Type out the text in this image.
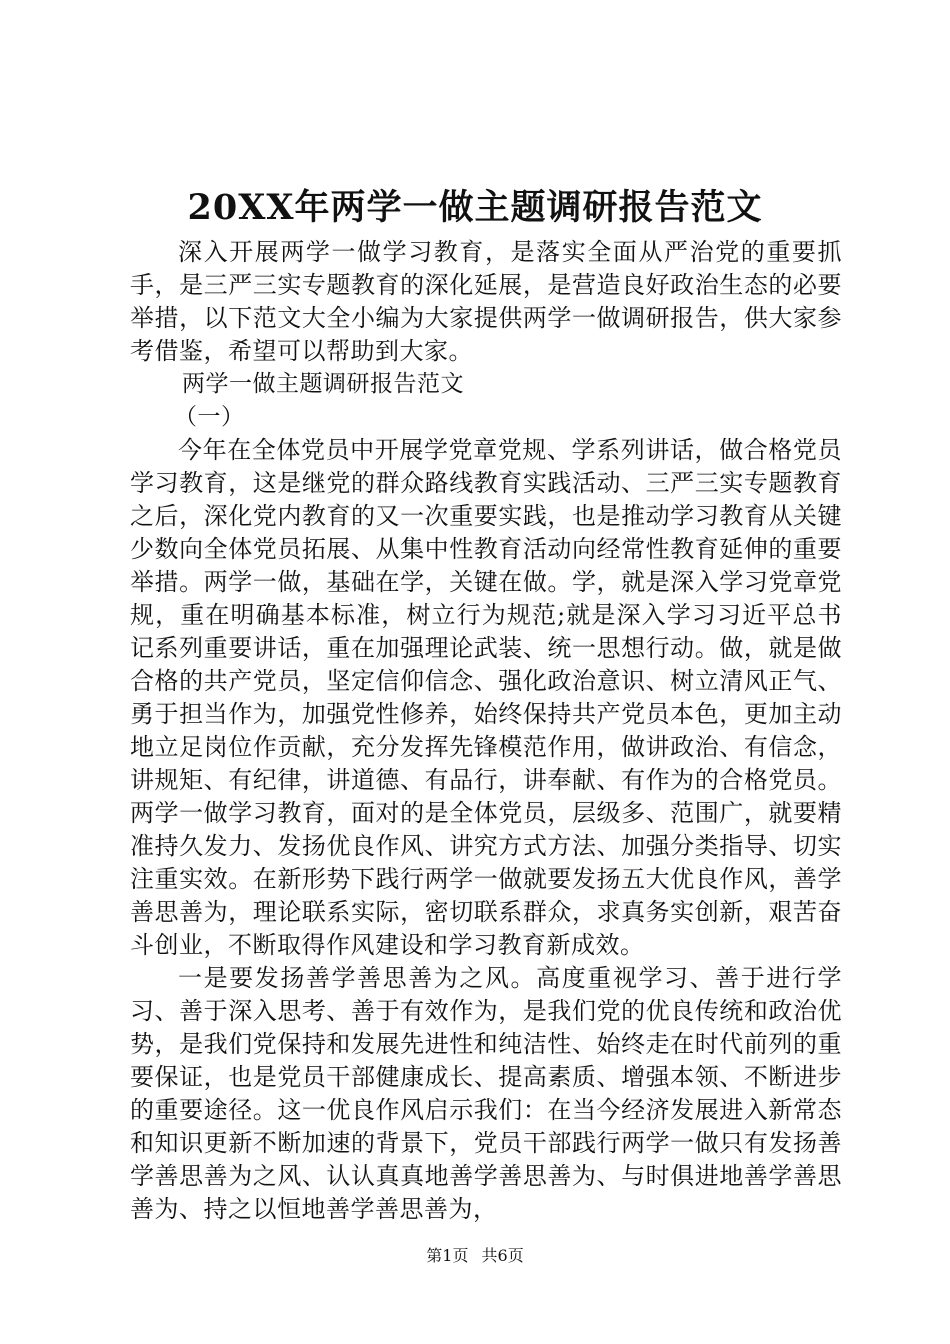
20XX年两学一做主题调研报告范文

深入开展两学一做学习教育，是落实全面从严治党的重要抓手，是三严三实专题教育的深化延展，是营造良好政治生态的必要举措，以下范文大全小编为大家提供两学一做调研报告，供大家参考借鉴，希望可以帮助到大家。

两学一做主题调研报告范文

（一）

今年在全体党员中开展学党章党规、学系列讲话，做合格党员学习教育，这是继党的群众路线教育实践活动、三严三实专题教育之后，深化党内教育的又一次重要实践，也是推动学习教育从关键少数向全体党员拓展、从集中性教育活动向经常性教育延伸的重要举措。两学一做，基础在学，关键在做。学，就是深入学习党章党规，重在明确基本标准，树立行为规范;就是深入学习习近平总书记系列重要讲话，重在加强理论武装、统一思想行动。做，就是做合格的共产党员，坚定信仰信念、强化政治意识、树立清风正气、勇于担当作为，加强党性修养，始终保持共产党员本色，更加主动地立足岗位作贡献，充分发挥先锋模范作用，做讲政治、有信念，讲规矩、有纪律，讲道德、有品行，讲奉献、有作为的合格党员。两学一做学习教育，面对的是全体党员，层级多、范围广，就要精准持久发力、发扬优良作风、讲究方式方法、加强分类指导、切实注重实效。在新形势下践行两学一做就要发扬五大优良作风，善学善思善为，理论联系实际，密切联系群众，求真务实创新，艰苦奋斗创业，不断取得作风建设和学习教育新成效。

一是要发扬善学善思善为之风。高度重视学习、善于进行学习、善于深入思考、善于有效作为，是我们党的优良传统和政治优势，是我们党保持和发展先进性和纯洁性、始终走在时代前列的重要保证，也是党员干部健康成长、提高素质、增强本领、不断进步的重要途径。这一优良作风启示我们：在当今经济发展进入新常态和知识更新不断加速的背景下，党员干部践行两学一做只有发扬善学善思善为之风、认认真真地善学善思善为、与时俱进地善学善思善为、持之以恒地善学善思善为，

第1页 共6页
